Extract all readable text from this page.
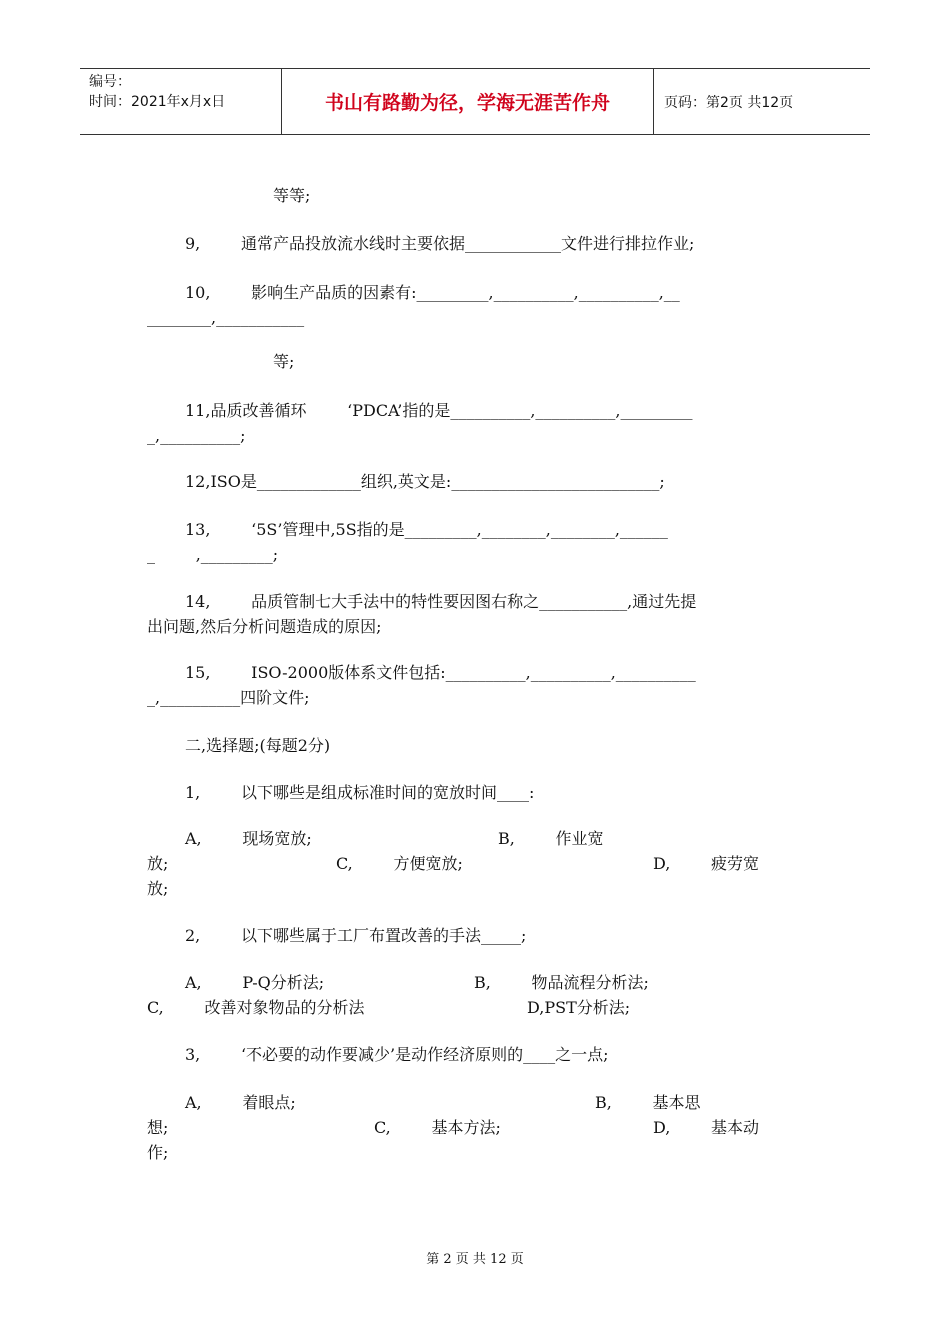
编号：
时间：2021年x月x日	书山有路勤为径，学海无涯苦作舟	页码：第2页 共12页
等等;
9,        通常产品投放流水线时主要依据____________文件进行排拉作业;
10,        影响生产品质的因素有:_________,__________,__________,__
________,___________
等;
11,品质改善循环        ‘PDCA’指的是__________,__________,_________
_,__________;
12,ISO是_____________组织,英文是:__________________________;
13,        ‘5S’管理中,5S指的是_________,________,________,______
_        ,_________;
14,        品质管制七大手法中的特性要因图右称之___________,通过先提
出问题,然后分析问题造成的原因;
15,        ISO-2000版体系文件包括:__________,__________,__________
_,__________四阶文件;
二,选择题;(每题2分)
1,        以下哪些是组成标准时间的宽放时间____:
A,        现场宽放;	B,        作业宽
放;	C,        方便宽放;	D,        疲劳宽
放;
2,        以下哪些属于工厂布置改善的手法_____;
A,        P-Q分析法;	B,        物品流程分析法;
C,        改善对象物品的分析法	D,PST分析法;
3,        ‘不必要的动作要减少’是动作经济原则的____之一点;
A,        着眼点;	B,        基本思
想;	C,        基本方法;	D,        基本动
作;
第 2 页 共 12 页
